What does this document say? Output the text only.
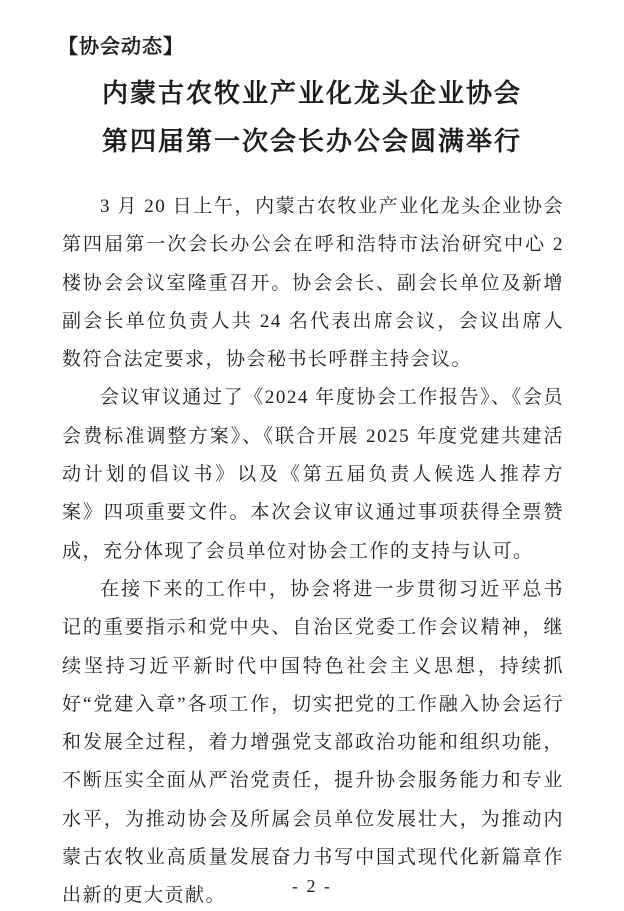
【协会动态】
内蒙古农牧业产业化龙头企业协会
第四届第一次会长办公会圆满举行

3 月 20 日上午，内蒙古农牧业产业化龙头企业协会第四届第一次会长办公会在呼和浩特市法治研究中心 2 楼协会会议室隆重召开。协会会长、副会长单位及新增副会长单位负责人共 24 名代表出席会议，会议出席人数符合法定要求，协会秘书长呼群主持会议。

会议审议通过了《2024 年度协会工作报告》、《会员会费标准调整方案》、《联合开展 2025 年度党建共建活动计划的倡议书》以及《第五届负责人候选人推荐方案》四项重要文件。本次会议审议通过事项获得全票赞成，充分体现了会员单位对协会工作的支持与认可。

在接下来的工作中，协会将进一步贯彻习近平总书记的重要指示和党中央、自治区党委工作会议精神，继续坚持习近平新时代中国特色社会主义思想，持续抓好“党建入章”各项工作，切实把党的工作融入协会运行和发展全过程，着力增强党支部政治功能和组织功能，不断压实全面从严治党责任，提升协会服务能力和专业水平，为推动协会及所属会员单位发展壮大，为推动内蒙古农牧业高质量发展奋力书写中国式现代化新篇章作出新的更大贡献。	- 2 -
